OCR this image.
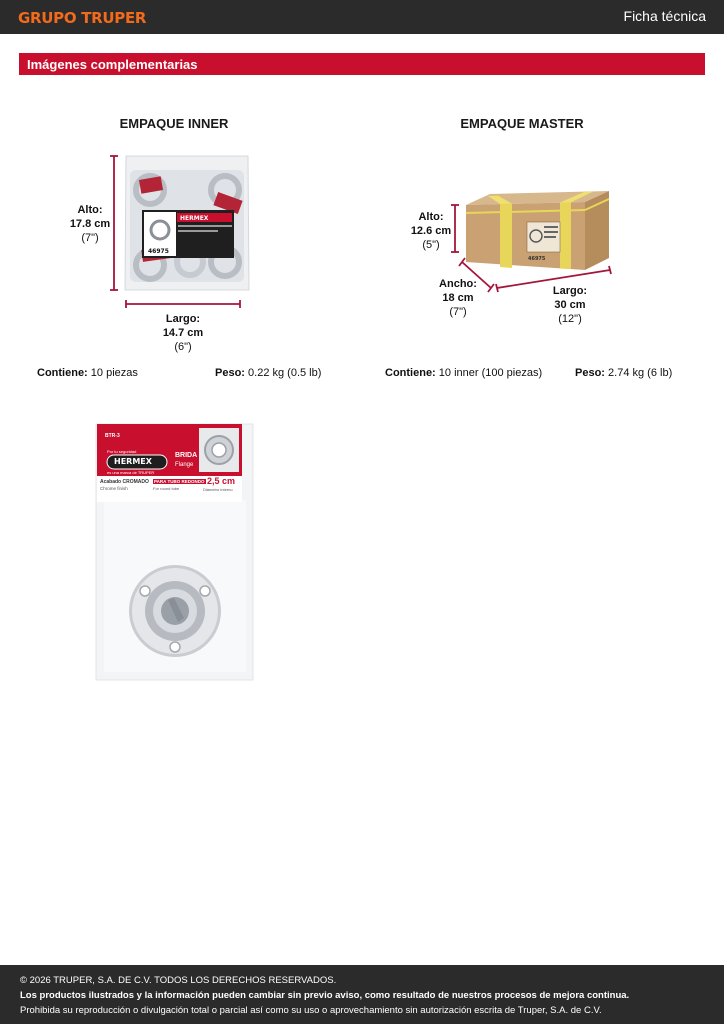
GRUPO TRUPER	Ficha técnica
Imágenes complementarias
EMPAQUE INNER
HERMEX
46975
Alto:
17.8 cm
(7")
Largo:
14.7 cm
(6")
Contiene: 10 piezas	Peso: 0.22 kg (0.5 lb)
EMPAQUE MASTER
46975
Alto:
12.6 cm
(5")
Ancho:
18 cm
(7")
Largo:
30 cm
(12")
Contiene: 10 inner (100 piezas)	Peso: 2.74 kg (6 lb)
BTR-3
Por tu seguridad
HERMEX
es una marca de TRUPER
BRIDA
Flange
Acabado CROMADO
Chrome finish
PARA TUBO REDONDO
For round tube
2,5 cm
Diámetro interno
© 2026 TRUPER, S.A. DE C.V. TODOS LOS DERECHOS RESERVADOS.
Los productos ilustrados y la información pueden cambiar sin previo aviso, como resultado de nuestros procesos de mejora continua.
Prohibida su reproducción o divulgación total o parcial así como su uso o aprovechamiento sin autorización escrita de Truper, S.A. de C.V.
